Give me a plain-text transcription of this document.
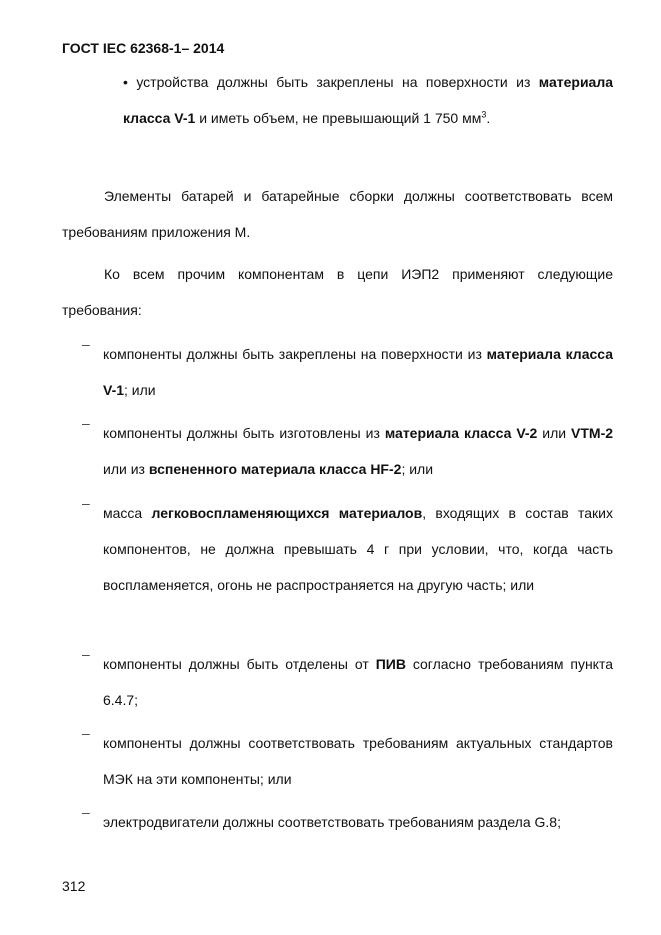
ГОСТ IEC 62368-1– 2014
• устройства должны быть закреплены на поверхности из материала класса V-1 и иметь объем, не превышающий 1 750 $мм^3$.
Элементы батарей и батарейные сборки должны соответствовать всем требованиям приложения М.
Ко всем прочим компонентам в цепи ИЭП2 применяют следующие требования:
–
компоненты должны быть закреплены на поверхности из материала класса V-1; или
–
компоненты должны быть изготовлены из материала класса V-2 или VTM-2 или из вспененного материала класса HF-2; или
–
масса легковоспламеняющихся материалов, входящих в состав таких компонентов, не должна превышать 4 г при условии, что, когда часть воспламеняется, огонь не распространяется на другую часть; или
–
компоненты должны быть отделены от ПИВ согласно требованиям пункта 6.4.7;
–
компоненты должны соответствовать требованиям актуальных стандартов МЭК на эти компоненты; или
–
электродвигатели должны соответствовать требованиям раздела G.8;
312
